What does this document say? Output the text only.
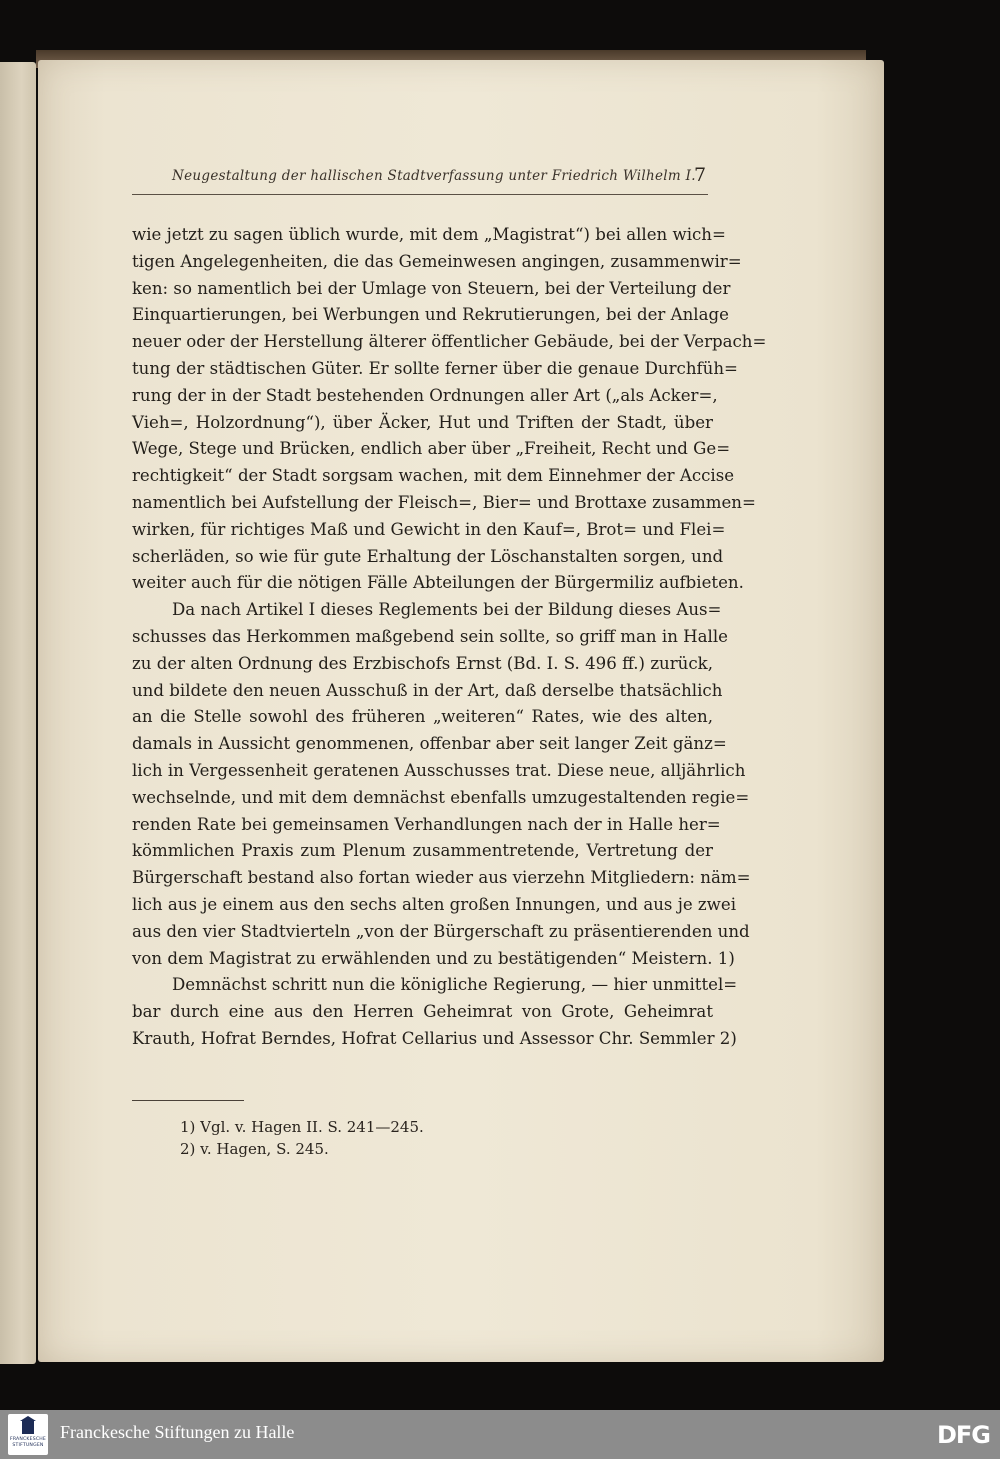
Neugestaltung der hallischen Stadtverfassung unter Friedrich Wilhelm I.
7
wie jetzt zu sagen üblich wurde, mit dem „Magistrat“) bei allen wich=
tigen Angelegenheiten, die das Gemeinwesen angingen, zusammenwir=
ken: so namentlich bei der Umlage von Steuern, bei der Verteilung der
Einquartierungen, bei Werbungen und Rekrutierungen, bei der Anlage
neuer oder der Herstellung älterer öffentlicher Gebäude, bei der Verpach=
tung der städtischen Güter. Er sollte ferner über die genaue Durchfüh=
rung der in der Stadt bestehenden Ordnungen aller Art („als Acker=,
Vieh=, Holzordnung“), über Äcker, Hut und Triften der Stadt, über
Wege, Stege und Brücken, endlich aber über „Freiheit, Recht und Ge=
rechtigkeit“ der Stadt sorgsam wachen, mit dem Einnehmer der Accise
namentlich bei Aufstellung der Fleisch=, Bier= und Brottaxe zusammen=
wirken, für richtiges Maß und Gewicht in den Kauf=, Brot= und Flei=
scherläden, so wie für gute Erhaltung der Löschanstalten sorgen, und
weiter auch für die nötigen Fälle Abteilungen der Bürgermiliz aufbieten.
Da nach Artikel I dieses Reglements bei der Bildung dieses Aus=
schusses das Herkommen maßgebend sein sollte, so griff man in Halle
zu der alten Ordnung des Erzbischofs Ernst (Bd. I. S. 496 ff.) zurück,
und bildete den neuen Ausschuß in der Art, daß derselbe thatsächlich
an die Stelle sowohl des früheren „weiteren“ Rates, wie des alten,
damals in Aussicht genommenen, offenbar aber seit langer Zeit gänz=
lich in Vergessenheit geratenen Ausschusses trat. Diese neue, alljährlich
wechselnde, und mit dem demnächst ebenfalls umzugestaltenden regie=
renden Rate bei gemeinsamen Verhandlungen nach der in Halle her=
kömmlichen Praxis zum Plenum zusammentretende, Vertretung der
Bürgerschaft bestand also fortan wieder aus vierzehn Mitgliedern: näm=
lich aus je einem aus den sechs alten großen Innungen, und aus je zwei
aus den vier Stadtvierteln „von der Bürgerschaft zu präsentierenden und
von dem Magistrat zu erwählenden und zu bestätigenden“ Meistern. 1)
Demnächst schritt nun die königliche Regierung, — hier unmittel=
bar durch eine aus den Herren Geheimrat von Grote, Geheimrat
Krauth, Hofrat Berndes, Hofrat Cellarius und Assessor Chr. Semmler 2)
1) Vgl. v. Hagen II. S. 241—245.
2) v. Hagen, S. 245.
FRANCKESCHE
STIFTUNGEN
Franckesche Stiftungen zu Halle	DFG
